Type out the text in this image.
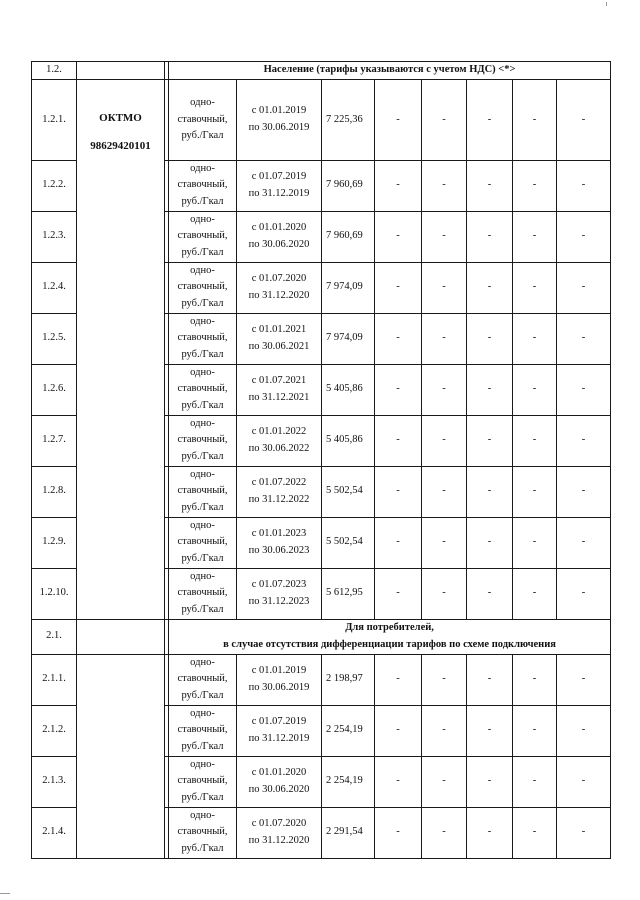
1.2.			Население (тарифы указываются с учетом НДС) <*>							
1.2.1.	ОКТМО
98629420101		одно-
ставочный,
руб./Гкал	с 01.01.2019
по 30.06.2019	7 225,36	-	-	-	-	-
1.2.2.			одно-
ставочный,
руб./Гкал	с 01.07.2019
по 31.12.2019	7 960,69	-	-	-	-	-
1.2.3.			одно-
ставочный,
руб./Гкал	с 01.01.2020
по 30.06.2020	7 960,69	-	-	-	-	-
1.2.4.			одно-
ставочный,
руб./Гкал	с 01.07.2020
по 31.12.2020	7 974,09	-	-	-	-	-
1.2.5.			одно-
ставочный,
руб./Гкал	с 01.01.2021
по 30.06.2021	7 974,09	-	-	-	-	-
1.2.6.			одно-
ставочный,
руб./Гкал	с 01.07.2021
по 31.12.2021	5 405,86	-	-	-	-	-
1.2.7.			одно-
ставочный,
руб./Гкал	с 01.01.2022
по 30.06.2022	5 405,86	-	-	-	-	-
1.2.8.			одно-
ставочный,
руб./Гкал	с 01.07.2022
по 31.12.2022	5 502,54	-	-	-	-	-
1.2.9.			одно-
ставочный,
руб./Гкал	с 01.01.2023
по 30.06.2023	5 502,54	-	-	-	-	-
1.2.10.			одно-
ставочный,
руб./Гкал	с 01.07.2023
по 31.12.2023	5 612,95	-	-	-	-	-
2.1.			Для потребителей,
в случае отсутствия дифференциации тарифов по схеме подключения							
2.1.1.			одно-
ставочный,
руб./Гкал	с 01.01.2019
по 30.06.2019	2 198,97	-	-	-	-	-
2.1.2.			одно-
ставочный,
руб./Гкал	с 01.07.2019
по 31.12.2019	2 254,19	-	-	-	-	-
2.1.3.			одно-
ставочный,
руб./Гкал	с 01.01.2020
по 30.06.2020	2 254,19	-	-	-	-	-
2.1.4.			одно-
ставочный,
руб./Гкал	с 01.07.2020
по 31.12.2020	2 291,54	-	-	-	-	-
